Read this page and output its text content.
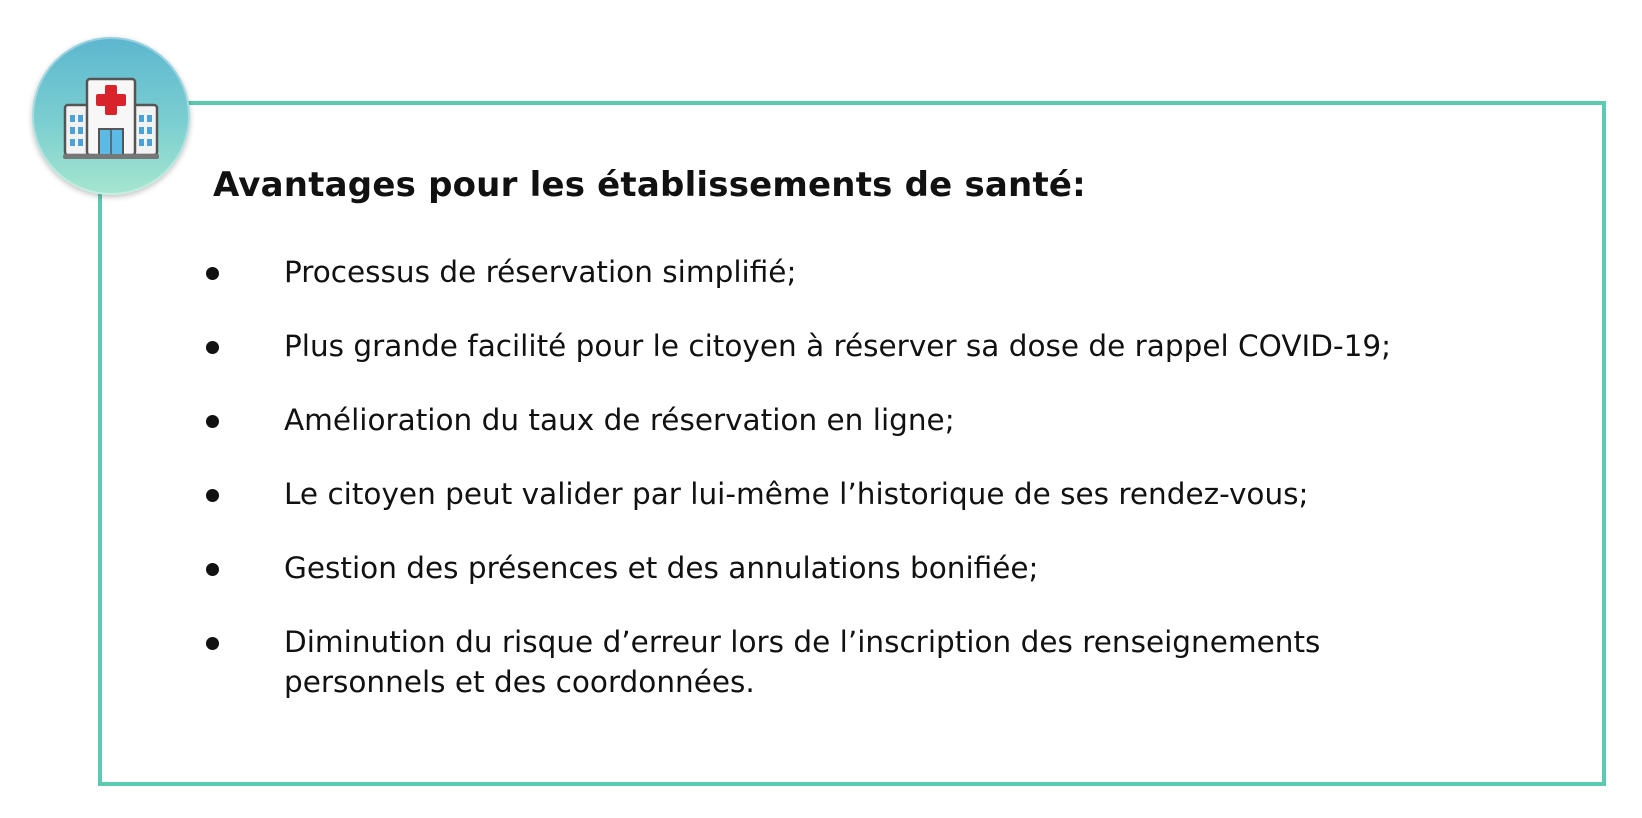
Avantages pour les établissements de santé:
Processus de réservation simplifié;
Plus grande facilité pour le citoyen à réserver sa dose de rappel COVID-19;
Amélioration du taux de réservation en ligne;
Le citoyen peut valider par lui-même l’historique de ses rendez-vous;
Gestion des présences et des annulations bonifiée;
Diminution du risque d’erreur lors de l’inscription des renseignements personnels et des coordonnées.
